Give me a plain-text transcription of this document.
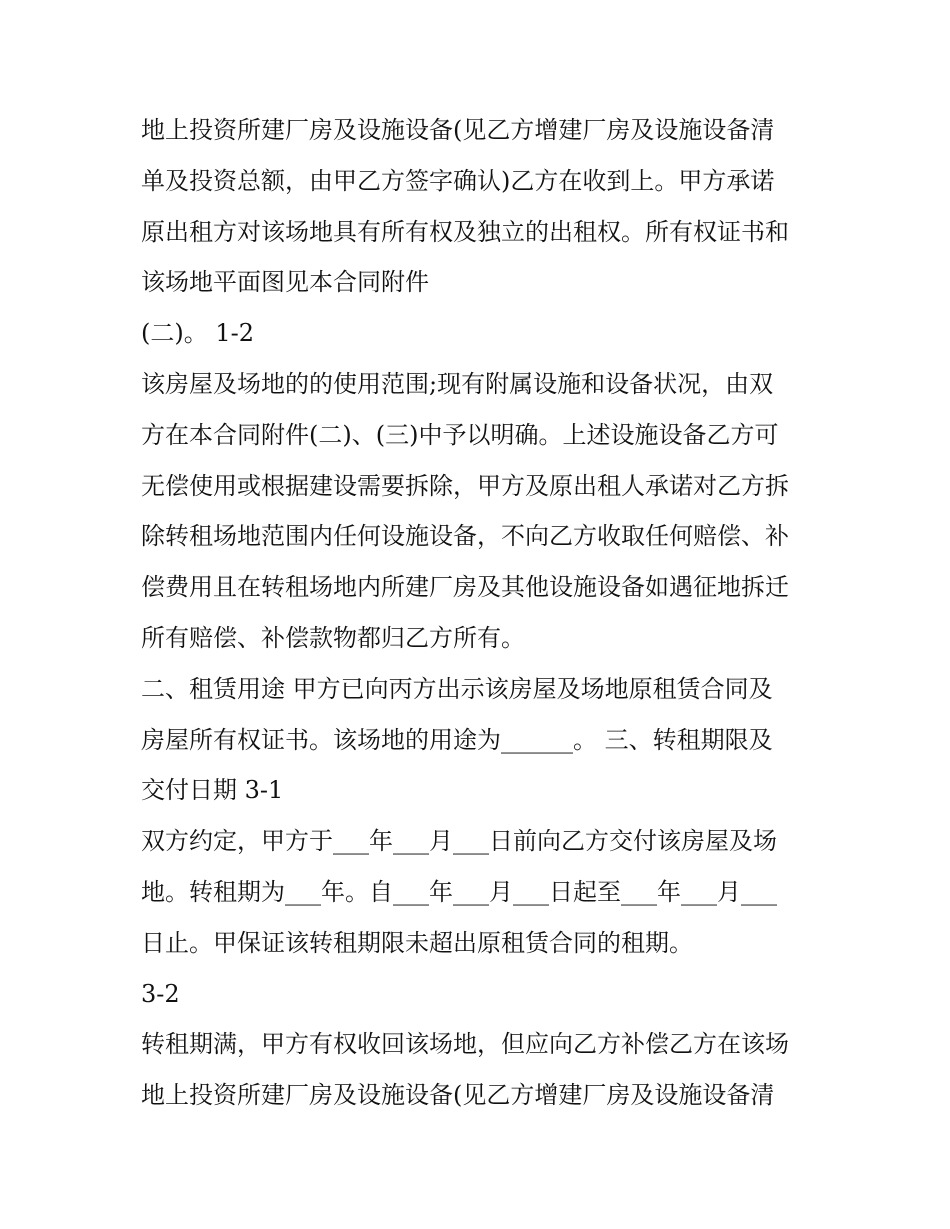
地上投资所建厂房及设施设备(见乙方增建厂房及设施设备清
单及投资总额，由甲乙方签字确认)乙方在收到上。甲方承诺
原出租方对该场地具有所有权及独立的出租权。所有权证书和
该场地平面图见本合同附件
(二)。 1-2
该房屋及场地的的使用范围;现有附属设施和设备状况，由双
方在本合同附件(二)、(三)中予以明确。上述设施设备乙方可
无偿使用或根据建设需要拆除，甲方及原出租人承诺对乙方拆
除转租场地范围内任何设施设备，不向乙方收取任何赔偿、补
偿费用且在转租场地内所建厂房及其他设施设备如遇征地拆迁
所有赔偿、补偿款物都归乙方所有。
二、租赁用途 甲方已向丙方出示该房屋及场地原租赁合同及
房屋所有权证书。该场地的用途为______。 三、转租期限及
交付日期 3-1
双方约定，甲方于___年___月___日前向乙方交付该房屋及场
地。转租期为___年。自___年___月___日起至___年___月___
日止。甲保证该转租期限未超出原租赁合同的租期。
3-2
转租期满，甲方有权收回该场地，但应向乙方补偿乙方在该场
地上投资所建厂房及设施设备(见乙方增建厂房及设施设备清
